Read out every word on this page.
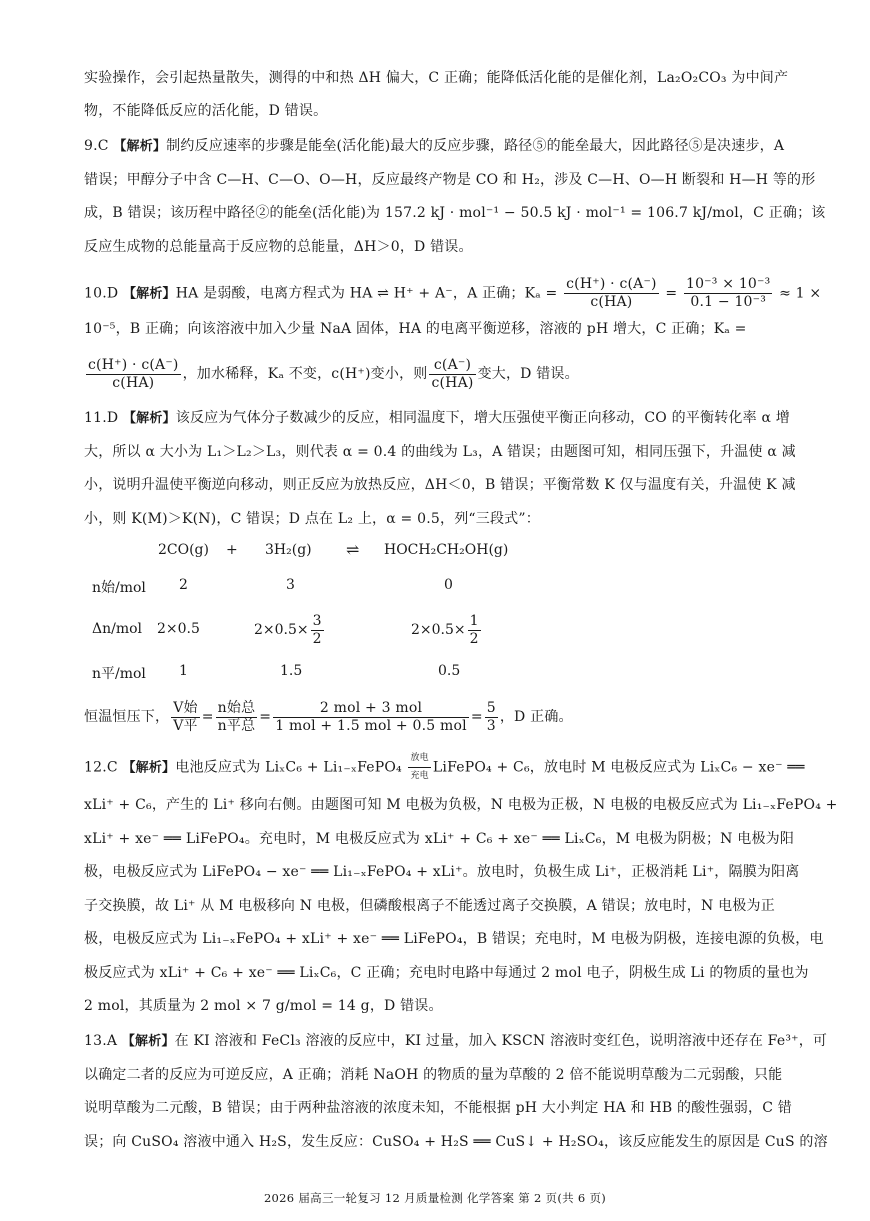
实验操作，会引起热量散失，测得的中和热 ΔH 偏大，C 正确；能降低活化能的是催化剂，La₂O₂CO₃ 为中间产
物，不能降低反应的活化能，D 错误。
9.C 【解析】制约反应速率的步骤是能垒(活化能)最大的反应步骤，路径⑤的能垒最大，因此路径⑤是决速步，A
错误；甲醇分子中含 C—H、C—O、O—H，反应最终产物是 CO 和 H₂，涉及 C—H、O—H 断裂和 H—H 等的形
成，B 错误；该历程中路径②的能垒(活化能)为 157.2 kJ · mol⁻¹ − 50.5 kJ · mol⁻¹ = 106.7 kJ/mol，C 正确；该
反应生成物的总能量高于反应物的总能量，ΔH＞0，D 错误。
10.D 【解析】HA 是弱酸，电离方程式为 HA ⇌ H⁺ + A⁻，A 正确；$K_a = \frac{c(H^+) \cdot c(A^-)}{c(HA)} = \frac{\text{10⁻³ × 10⁻³}}{\text{0.1 − 10⁻³}} \approx 1$ ×
10⁻⁵，B 正确；向该溶液中加入少量 NaA 固体，HA 的电离平衡逆移，溶液的 pH 增大，C 正确；Kₐ =
$\frac{c(H^+) \cdot c(A^-)}{c(HA)}$ ，加水稀释，Kₐ 不变，c(H⁺)变小，则 $\frac{c(A^-)}{c(HA)}$ 变大，D 错误。
11.D 【解析】该反应为气体分子数减少的反应，相同温度下，增大压强使平衡正向移动，CO 的平衡转化率 α 增
大，所以 α 大小为 L₁＞L₂＞L₃，则代表 α = 0.4 的曲线为 L₃，A 错误；由题图可知，相同压强下，升温使 α 减
小，说明升温使平衡逆向移动，则正反应为放热反应，ΔH＜0，B 错误；平衡常数 K 仅与温度有关，升温使 K 减
小，则 K(M)＞K(N)，C 错误；D 点在 L₂ 上，α = 0.5，列“三段式”：
2CO(g) + 3H₂(g) ⇌ HOCH₂CH₂OH(g)
n始/mol 2	3	0
Δn/mol 2×0.5	$2\times 0.5\times \frac{3}{2}$	$2\times 0.5\times \frac{1}{2}$
n平/mol 1	1.5	0.5
恒温恒压下， $\frac{\text{V始}}{\text{V平}} = \frac{\text{n始总}}{\text{n平总}} = \frac{\text{2 mol + 3 mol}}{\text{1 mol + 1.5 mol + 0.5 mol}} = \frac{5}{3}$ ，D 正确。
12.C 【解析】电池反应式为 LiₓC₆ + Li₁₋ₓFePO₄ $\frac{\text{放电}}{\text{充电}}$ LiFePO₄ + C₆，放电时 M 电极反应式为 LiₓC₆ − xe⁻ ══
xLi⁺ + C₆，产生的 Li⁺ 移向右侧。由题图可知 M 电极为负极，N 电极为正极，N 电极的电极反应式为 Li₁₋ₓFePO₄ +
xLi⁺ + xe⁻ ══ LiFePO₄。充电时，M 电极反应式为 xLi⁺ + C₆ + xe⁻ ══ LiₓC₆，M 电极为阴极；N 电极为阳
极，电极反应式为 LiFePO₄ − xe⁻ ══ Li₁₋ₓFePO₄ + xLi⁺。放电时，负极生成 Li⁺，正极消耗 Li⁺，隔膜为阳离
子交换膜，故 Li⁺ 从 M 电极移向 N 电极，但磷酸根离子不能透过离子交换膜，A 错误；放电时，N 电极为正
极，电极反应式为 Li₁₋ₓFePO₄ + xLi⁺ + xe⁻ ══ LiFePO₄，B 错误；充电时，M 电极为阴极，连接电源的负极，电
极反应式为 xLi⁺ + C₆ + xe⁻ ══ LiₓC₆，C 正确；充电时电路中每通过 2 mol 电子，阴极生成 Li 的物质的量也为
2 mol，其质量为 2 mol × 7 g/mol = 14 g，D 错误。
13.A 【解析】在 KI 溶液和 FeCl₃ 溶液的反应中，KI 过量，加入 KSCN 溶液时变红色，说明溶液中还存在 Fe³⁺，可
以确定二者的反应为可逆反应，A 正确；消耗 NaOH 的物质的量为草酸的 2 倍不能说明草酸为二元弱酸，只能
说明草酸为二元酸，B 错误；由于两种盐溶液的浓度未知，不能根据 pH 大小判定 HA 和 HB 的酸性强弱，C 错
误；向 CuSO₄ 溶液中通入 H₂S，发生反应：CuSO₄ + H₂S ══ CuS↓ + H₂SO₄，该反应能发生的原因是 CuS 的溶
2026 届高三一轮复习 12 月质量检测 化学答案 第 2 页(共 6 页)
